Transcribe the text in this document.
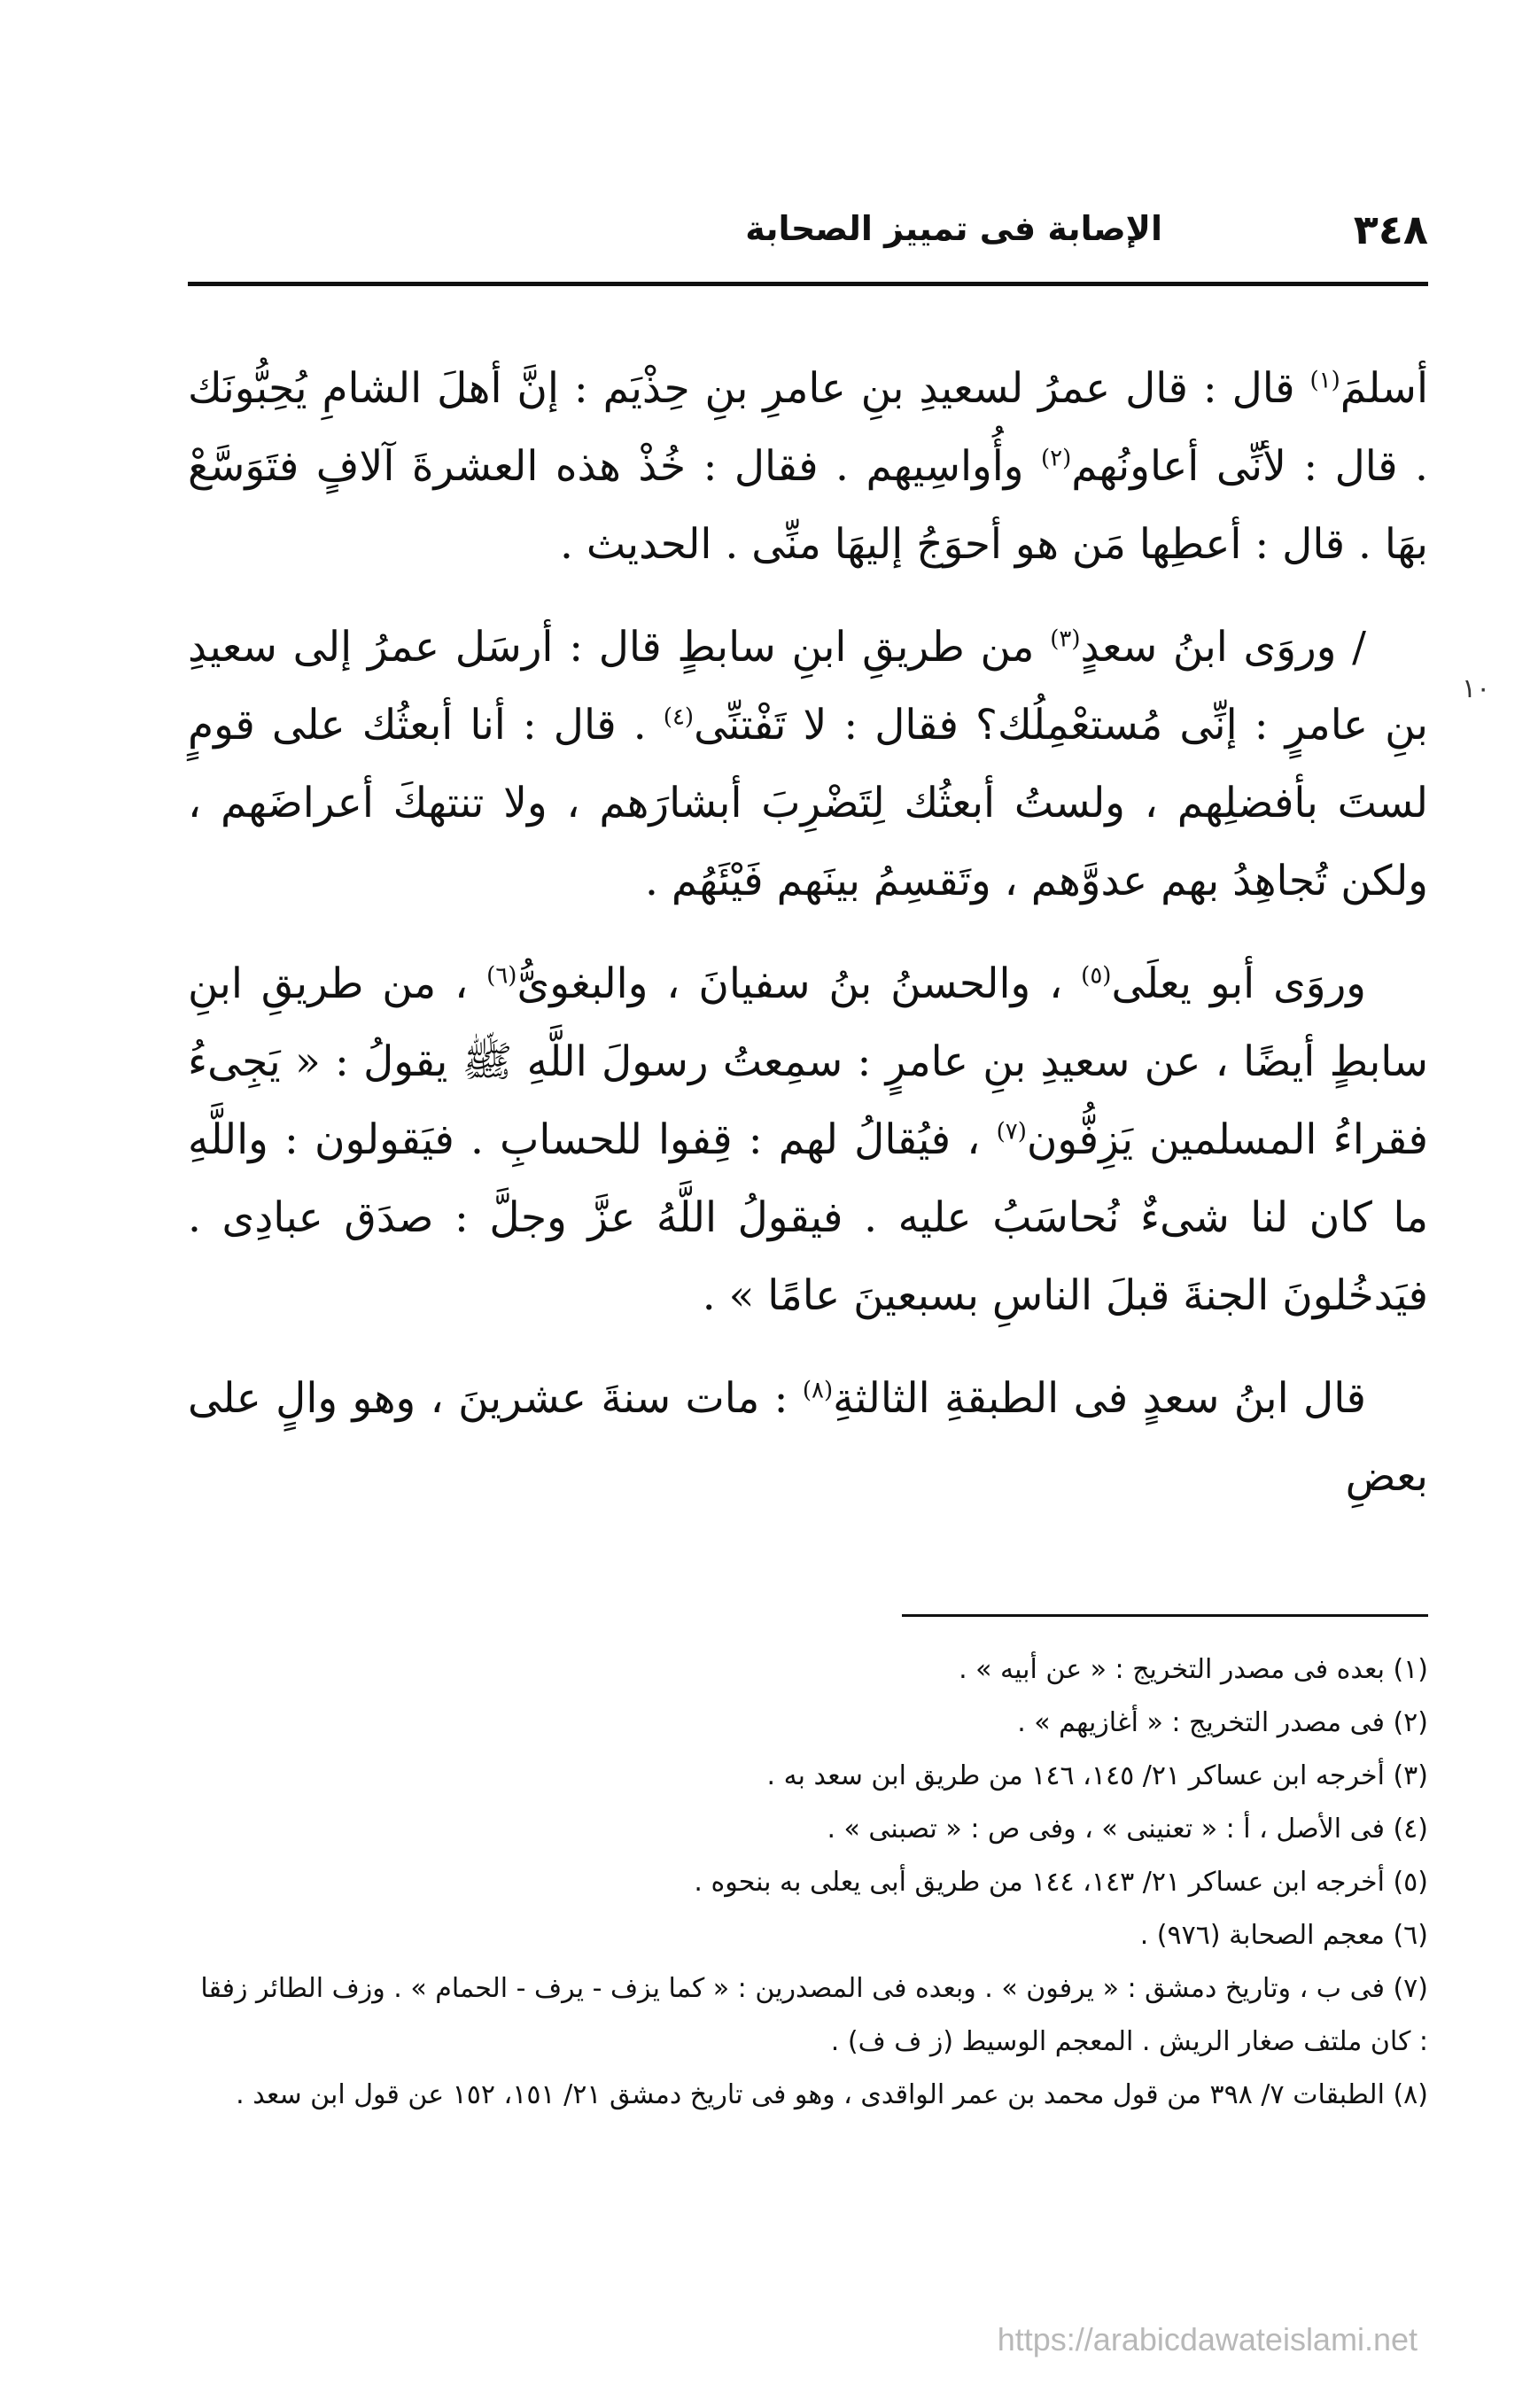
٣٤٨
الإصابة فى تمييز الصحابة
١٠

أسلمَ$^{(١)}$ قال : قال عمرُ لسعيدِ بنِ عامرِ بنِ حِذْيَم : إنَّ أهلَ الشامِ يُحِبُّونَك . قال : لأنِّى أعاونُهم$^{(٢)}$ وأُواسِيهم . فقال : خُذْ هذه العشرةَ آلافٍ فتَوَسَّعْ بهَا . قال : أعطِها مَن هو أحوَجُ إليهَا منِّى . الحديث .

/ وروَى ابنُ سعدٍ$^{(٣)}$ من طريقِ ابنِ سابطٍ قال : أرسَل عمرُ إلى سعيدِ بنِ عامرٍ : إنِّى مُستعْمِلُك؟ فقال : لا تَفْتنِّى$^{(٤)}$ . قال : أنا أبعثُك على قومٍ لستَ بأفضلِهم ، ولستُ أبعثُك لِتَضْرِبَ أبشارَهم ، ولا تنتهكَ أعراضَهم ، ولكن تُجاهِدُ بهم عدوَّهم ، وتَقسِمُ بينَهم فَيْئَهُم .

وروَى أبو يعلَى$^{(٥)}$ ، والحسنُ بنُ سفيانَ ، والبغوىُّ$^{(٦)}$ ، من طريقِ ابنِ سابطٍ أيضًا ، عن سعيدِ بنِ عامرٍ : سمِعتُ رسولَ اللَّهِ ﷺ يقولُ : « يَجِىءُ فقراءُ المسلمين يَزِفُّون$^{(٧)}$ ، فيُقالُ لهم : قِفوا للحسابِ . فيَقولون : واللَّهِ ما كان لنا شىءٌ نُحاسَبُ عليه . فيقولُ اللَّهُ عزَّ وجلَّ : صدَق عبادِى . فيَدخُلونَ الجنةَ قبلَ الناسِ بسبعينَ عامًا » .

قال ابنُ سعدٍ فى الطبقةِ الثالثةِ$^{(٨)}$ : مات سنةَ عشرينَ ، وهو والٍ على بعضِ

(١) بعده فى مصدر التخريج : « عن أبيه » .

(٢) فى مصدر التخريج : « أغازيهم » .

(٣) أخرجه ابن عساكر ٢١/ ١٤٥، ١٤٦ من طريق ابن سعد به .

(٤) فى الأصل ، أ : « تعنينى » ، وفى ص : « تصبنى » .

(٥) أخرجه ابن عساكر ٢١/ ١٤٣، ١٤٤ من طريق أبى يعلى به بنحوه .

(٦) معجم الصحابة (٩٧٦) .

(٧) فى ب ، وتاريخ دمشق : « يرفون » . وبعده فى المصدرين : « كما يزف - يرف - الحمام » . وزف الطائر زفقا : كان ملتف صغار الريش . المعجم الوسيط (ز ف ف) .

(٨) الطبقات ٧/ ٣٩٨ من قول محمد بن عمر الواقدى ، وهو فى تاريخ دمشق ٢١/ ١٥١، ١٥٢ عن قول ابن سعد .

https://arabicdawateislami.net
